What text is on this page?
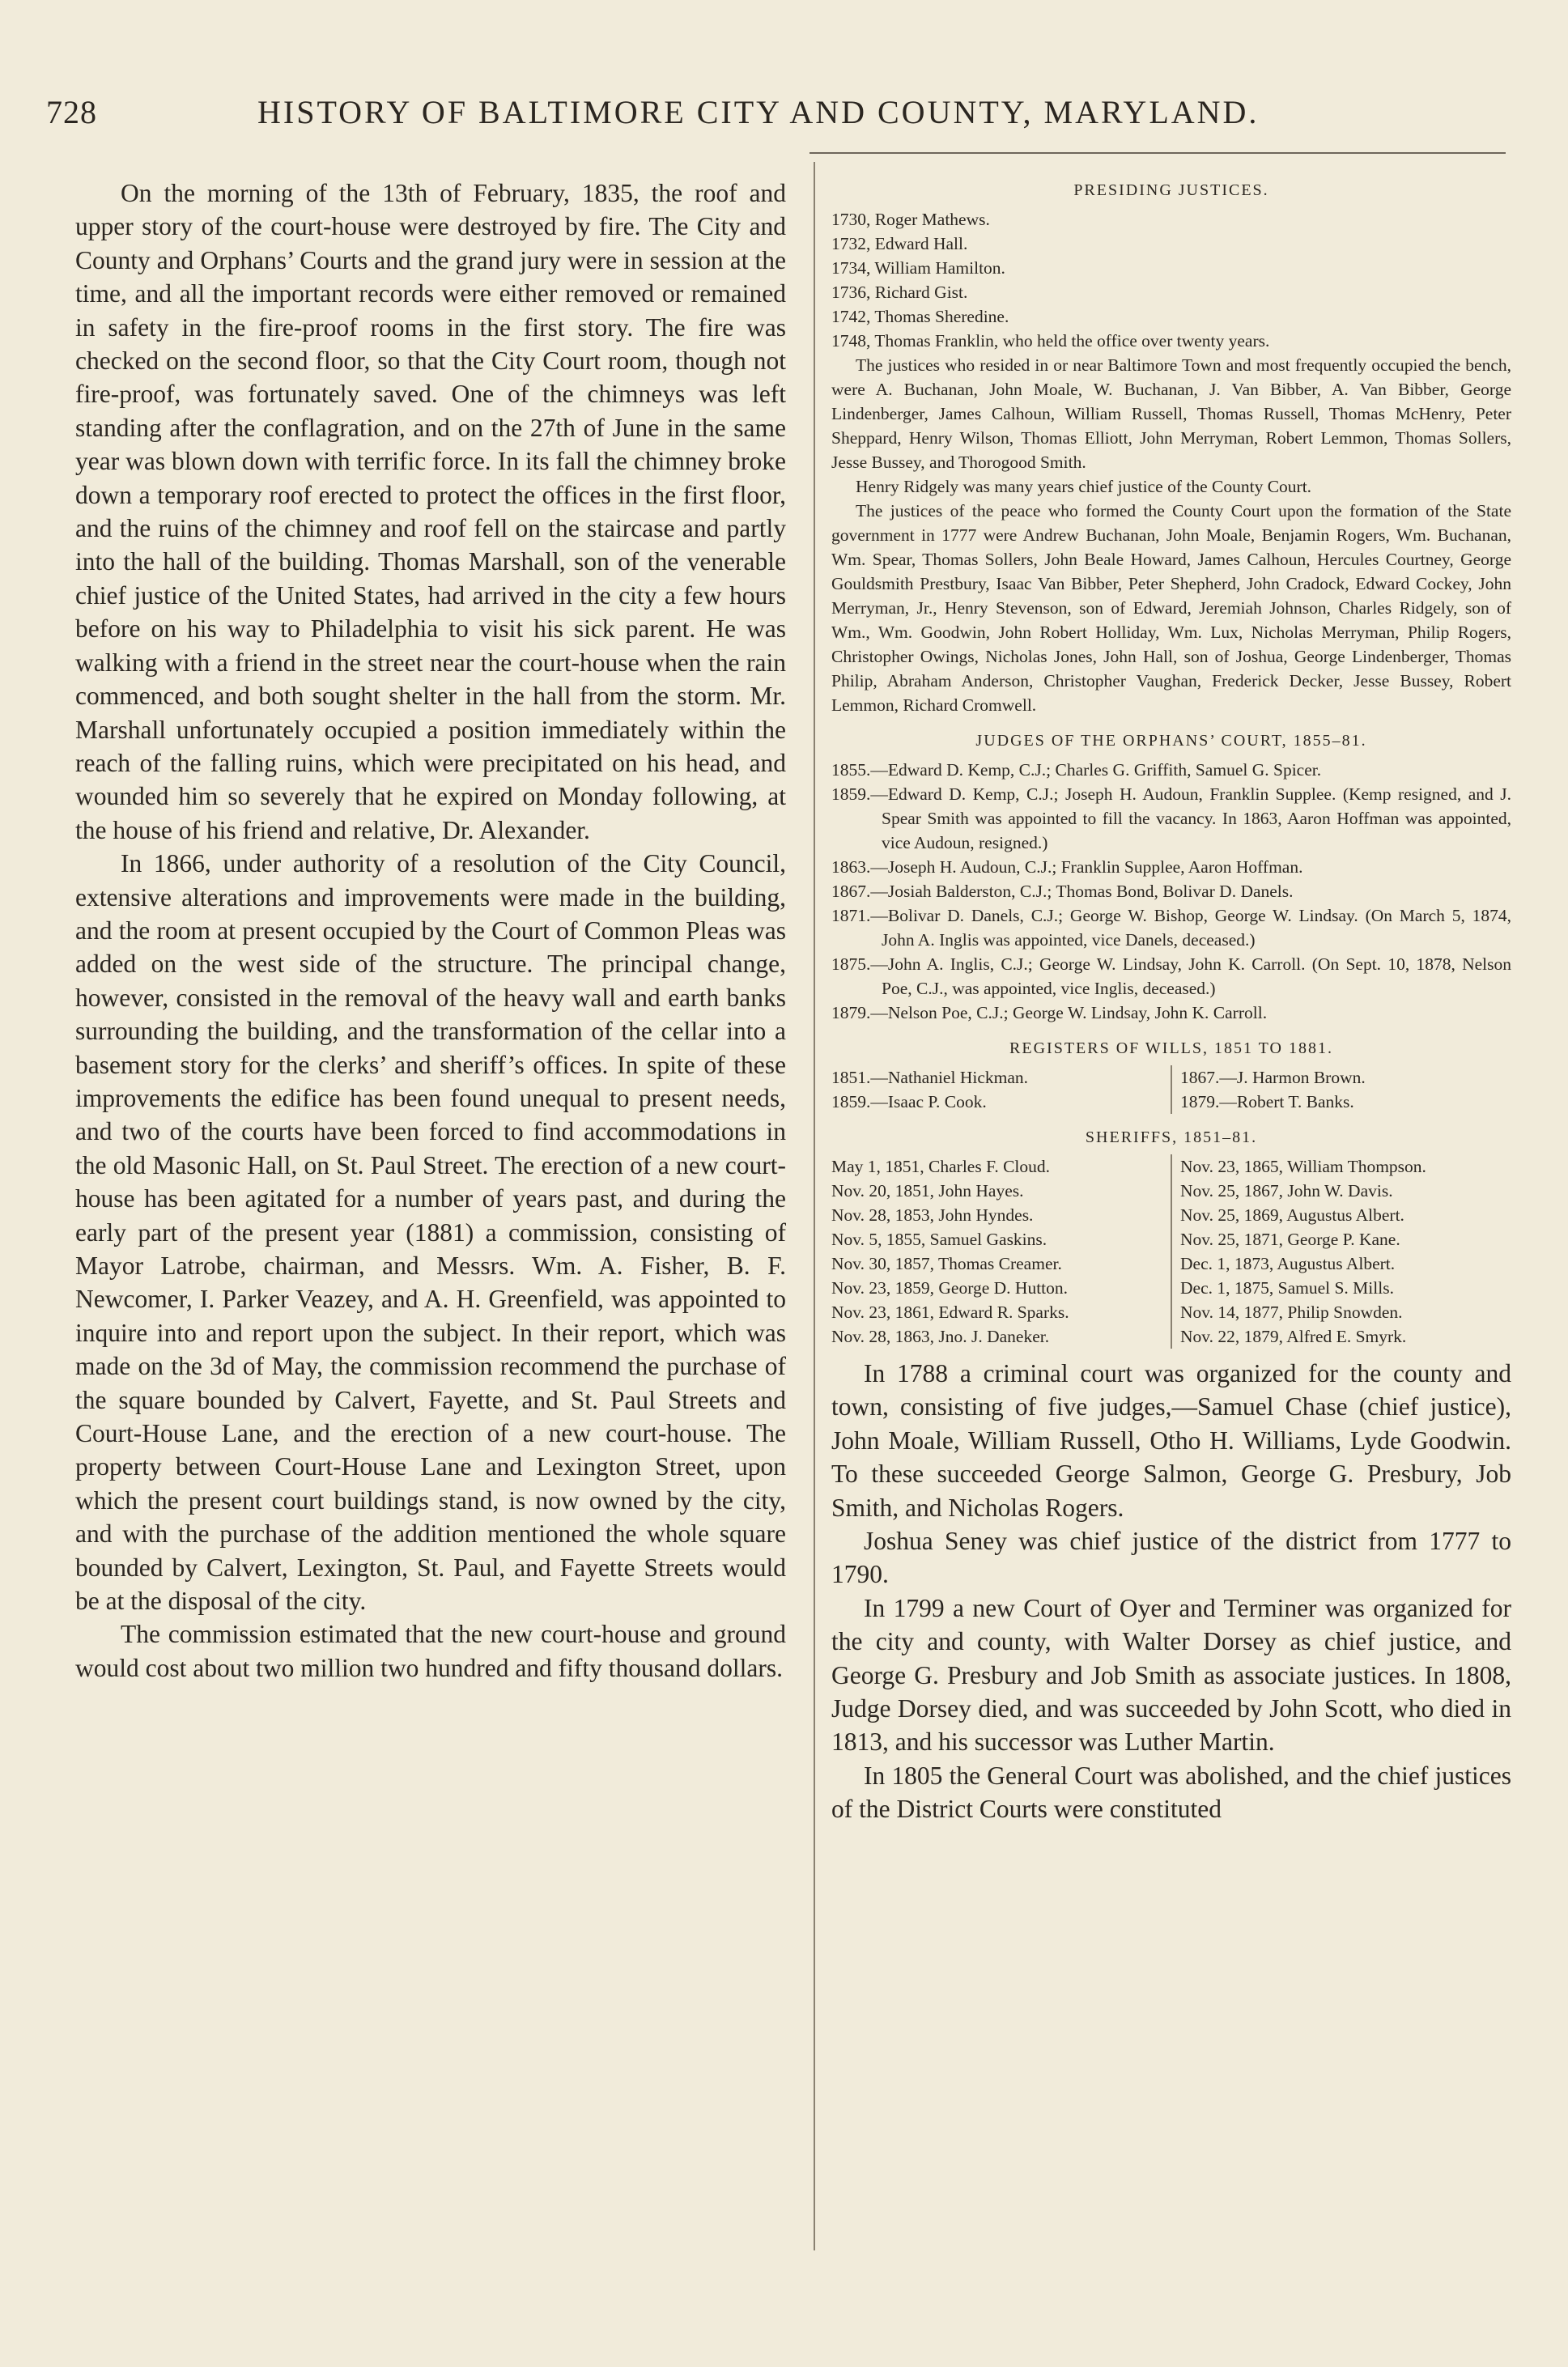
728	HISTORY OF BALTIMORE CITY AND COUNTY, MARYLAND.

On the morning of the 13th of February, 1835, the roof and upper story of the court-house were destroyed by fire. The City and County and Orphans’ Courts and the grand jury were in session at the time, and all the important records were either removed or remained in safety in the fire-proof rooms in the first story. The fire was checked on the second floor, so that the City Court room, though not fire-proof, was fortunately saved. One of the chimneys was left standing after the conflagration, and on the 27th of June in the same year was blown down with terrific force. In its fall the chimney broke down a temporary roof erected to protect the offices in the first floor, and the ruins of the chimney and roof fell on the staircase and partly into the hall of the building. Thomas Marshall, son of the venerable chief justice of the United States, had arrived in the city a few hours before on his way to Philadelphia to visit his sick parent. He was walking with a friend in the street near the court-house when the rain commenced, and both sought shelter in the hall from the storm. Mr. Marshall unfortunately occupied a position immediately within the reach of the falling ruins, which were precipitated on his head, and wounded him so severely that he expired on Monday following, at the house of his friend and relative, Dr. Alexander.

In 1866, under authority of a resolution of the City Council, extensive alterations and improvements were made in the building, and the room at present occupied by the Court of Common Pleas was added on the west side of the structure. The principal change, however, consisted in the removal of the heavy wall and earth banks surrounding the building, and the transformation of the cellar into a basement story for the clerks’ and sheriff’s offices. In spite of these improvements the edifice has been found unequal to present needs, and two of the courts have been forced to find accommodations in the old Masonic Hall, on St. Paul Street. The erection of a new court-house has been agitated for a number of years past, and during the early part of the present year (1881) a commission, consisting of Mayor Latrobe, chairman, and Messrs. Wm. A. Fisher, B. F. Newcomer, I. Parker Veazey, and A. H. Greenfield, was appointed to inquire into and report upon the subject. In their report, which was made on the 3d of May, the commission recommend the purchase of the square bounded by Calvert, Fayette, and St. Paul Streets and Court-House Lane, and the erection of a new court-house. The property between Court-House Lane and Lexington Street, upon which the present court buildings stand, is now owned by the city, and with the purchase of the addition mentioned the whole square bounded by Calvert, Lexington, St. Paul, and Fayette Streets would be at the disposal of the city.

The commission estimated that the new court-house and ground would cost about two million two hundred and fifty thousand dollars.

PRESIDING JUSTICES.
1730, Roger Mathews.
1732, Edward Hall.
1734, William Hamilton.
1736, Richard Gist.
1742, Thomas Sheredine.
1748, Thomas Franklin, who held the office over twenty years.

The justices who resided in or near Baltimore Town and most frequently occupied the bench, were A. Buchanan, John Moale, W. Buchanan, J. Van Bibber, A. Van Bibber, George Lindenberger, James Calhoun, William Russell, Thomas Russell, Thomas McHenry, Peter Sheppard, Henry Wilson, Thomas Elliott, John Merryman, Robert Lemmon, Thomas Sollers, Jesse Bussey, and Thorogood Smith.

Henry Ridgely was many years chief justice of the County Court.

The justices of the peace who formed the County Court upon the formation of the State government in 1777 were Andrew Buchanan, John Moale, Benjamin Rogers, Wm. Buchanan, Wm. Spear, Thomas Sollers, John Beale Howard, James Calhoun, Hercules Courtney, George Gouldsmith Prestbury, Isaac Van Bibber, Peter Shepherd, John Cradock, Edward Cockey, John Merryman, Jr., Henry Stevenson, son of Edward, Jeremiah Johnson, Charles Ridgely, son of Wm., Wm. Goodwin, John Robert Holliday, Wm. Lux, Nicholas Merryman, Philip Rogers, Christopher Owings, Nicholas Jones, John Hall, son of Joshua, George Lindenberger, Thomas Philip, Abraham Anderson, Christopher Vaughan, Frederick Decker, Jesse Bussey, Robert Lemmon, Richard Cromwell.

JUDGES OF THE ORPHANS’ COURT, 1855–81.

1855.—Edward D. Kemp, C.J.; Charles G. Griffith, Samuel G. Spicer.

1859.—Edward D. Kemp, C.J.; Joseph H. Audoun, Franklin Supplee. (Kemp resigned, and J. Spear Smith was appointed to fill the vacancy. In 1863, Aaron Hoffman was appointed, vice Audoun, resigned.)

1863.—Joseph H. Audoun, C.J.; Franklin Supplee, Aaron Hoffman.

1867.—Josiah Balderston, C.J.; Thomas Bond, Bolivar D. Danels.

1871.—Bolivar D. Danels, C.J.; George W. Bishop, George W. Lindsay. (On March 5, 1874, John A. Inglis was appointed, vice Danels, deceased.)

1875.—John A. Inglis, C.J.; George W. Lindsay, John K. Carroll. (On Sept. 10, 1878, Nelson Poe, C.J., was appointed, vice Inglis, deceased.)

1879.—Nelson Poe, C.J.; George W. Lindsay, John K. Carroll.

REGISTERS OF WILLS, 1851 TO 1881.
1851.—Nathaniel Hickman.
1859.—Isaac P. Cook.
1867.—J. Harmon Brown.
1879.—Robert T. Banks.
SHERIFFS, 1851–81.
May 1, 1851, Charles F. Cloud.
Nov. 20, 1851, John Hayes.
Nov. 28, 1853, John Hyndes.
Nov. 5, 1855, Samuel Gaskins.
Nov. 30, 1857, Thomas Creamer.
Nov. 23, 1859, George D. Hutton.
Nov. 23, 1861, Edward R. Sparks.
Nov. 28, 1863, Jno. J. Daneker.
Nov. 23, 1865, William Thompson.
Nov. 25, 1867, John W. Davis.
Nov. 25, 1869, Augustus Albert.
Nov. 25, 1871, George P. Kane.
Dec. 1, 1873, Augustus Albert.
Dec. 1, 1875, Samuel S. Mills.
Nov. 14, 1877, Philip Snowden.
Nov. 22, 1879, Alfred E. Smyrk.

In 1788 a criminal court was organized for the county and town, consisting of five judges,—Samuel Chase (chief justice), John Moale, William Russell, Otho H. Williams, Lyde Goodwin. To these succeeded George Salmon, George G. Presbury, Job Smith, and Nicholas Rogers.

Joshua Seney was chief justice of the district from 1777 to 1790.

In 1799 a new Court of Oyer and Terminer was organized for the city and county, with Walter Dorsey as chief justice, and George G. Presbury and Job Smith as associate justices. In 1808, Judge Dorsey died, and was succeeded by John Scott, who died in 1813, and his successor was Luther Martin.

In 1805 the General Court was abolished, and the chief justices of the District Courts were constituted
